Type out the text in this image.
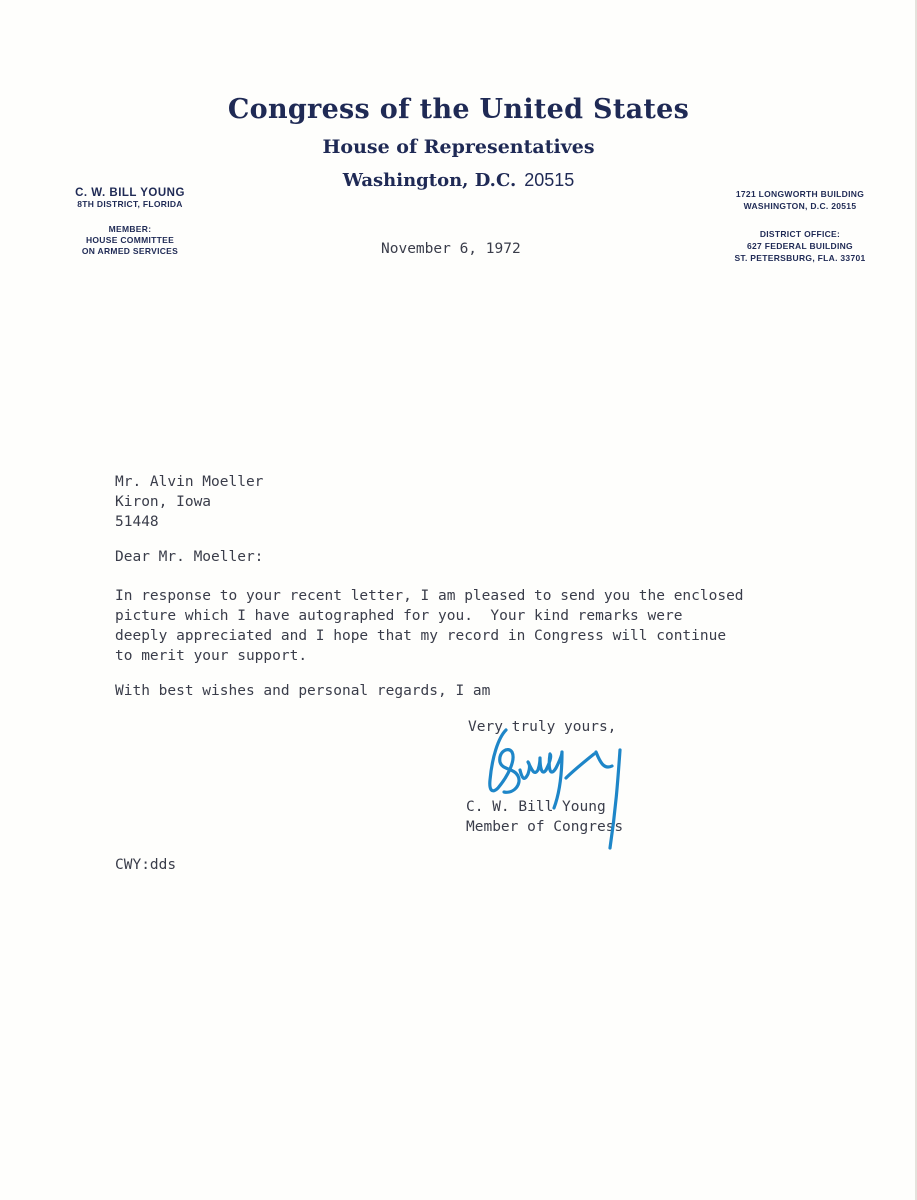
Congress of the United States
House of Representatives
Washington, D.C. 20515
C. W. BILL YOUNG
8TH DISTRICT, FLORIDA
MEMBER:
HOUSE COMMITTEE
ON ARMED SERVICES
1721 LONGWORTH BUILDING
WASHINGTON, D.C. 20515
DISTRICT OFFICE:
627 FEDERAL BUILDING
ST. PETERSBURG, FLA. 33701
November 6, 1972
Mr. Alvin Moeller
Kiron, Iowa
51448
Dear Mr. Moeller:
In response to your recent letter, I am pleased to send you the enclosed
picture which I have autographed for you.  Your kind remarks were
deeply appreciated and I hope that my record in Congress will continue
to merit your support.
With best wishes and personal regards, I am
Very truly yours,
C. W. Bill Young
Member of Congress
CWY:dds
